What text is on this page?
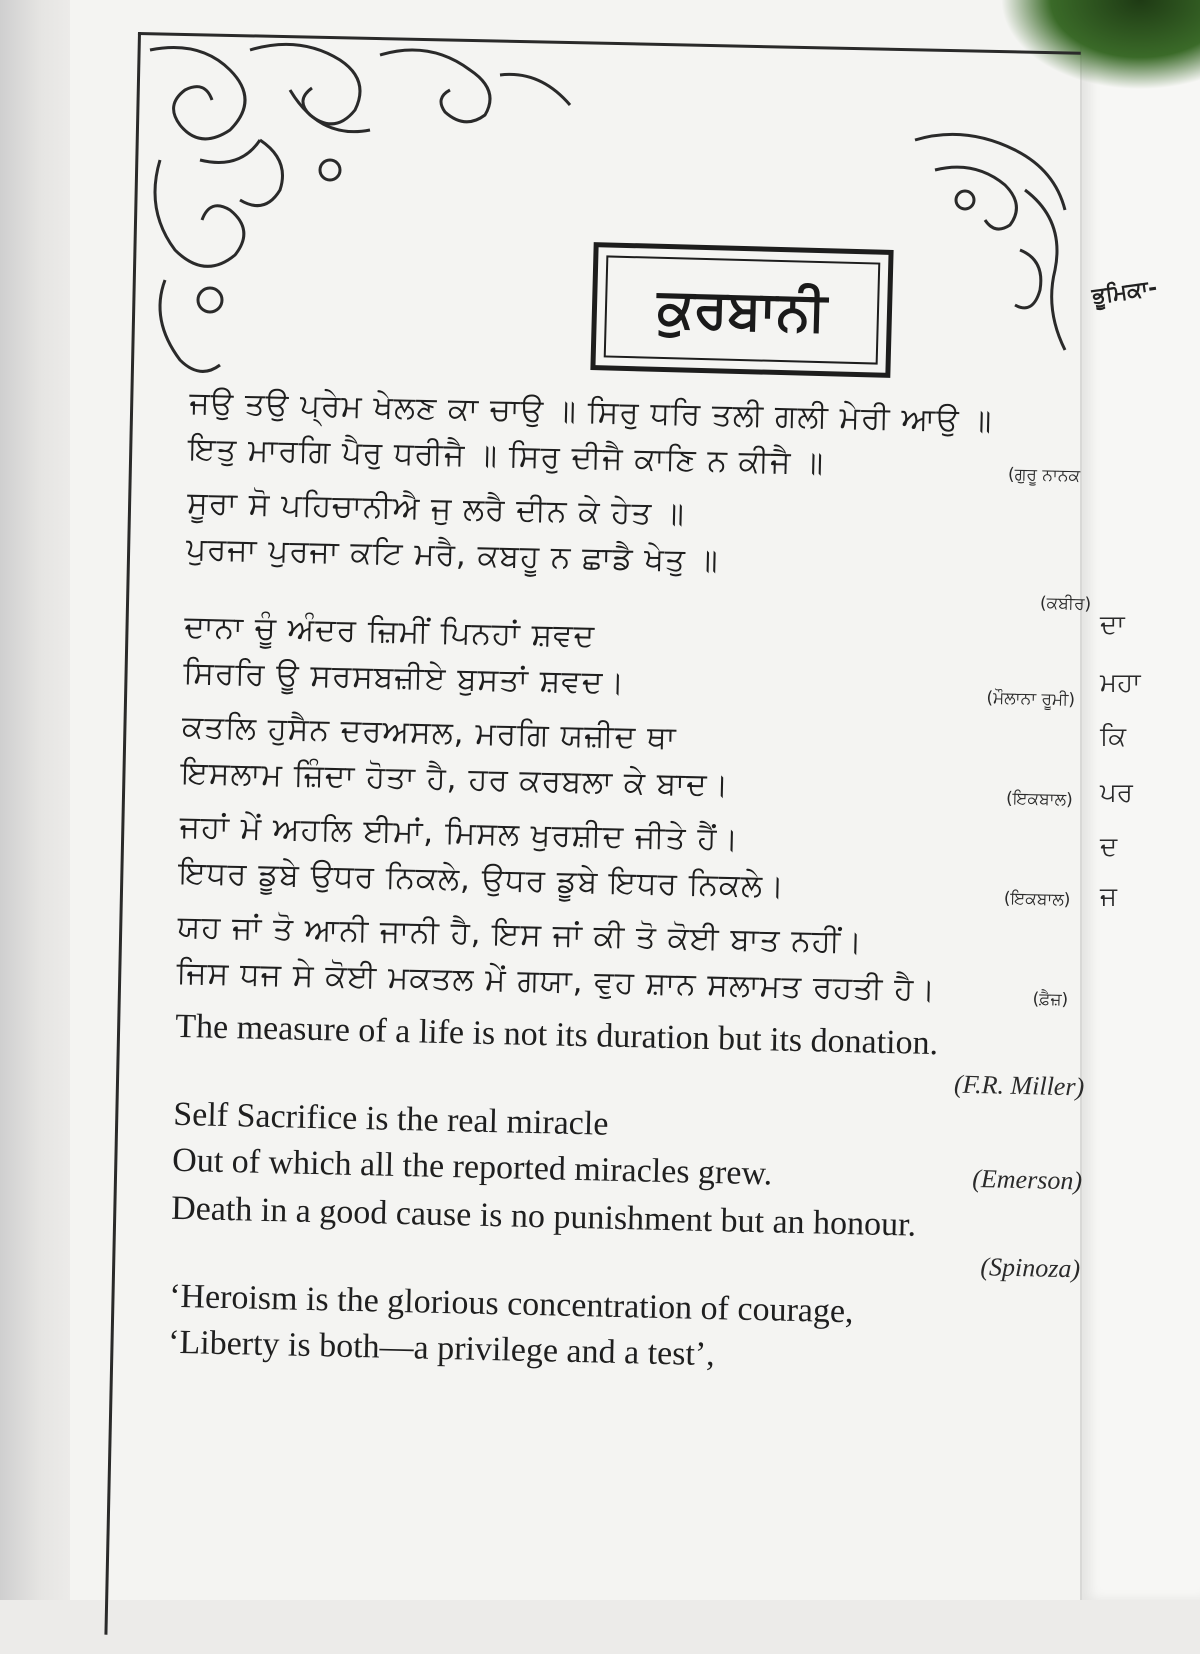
ਭੂਮਿਕਾ-
ਦਾ
ਮਹਾ
ਕਿ
ਪਰ
ਦ
ਜ
ਕੁਰਬਾਨੀ
ਜਉ ਤਉ ਪ੍ਰੇਮ ਖੇਲਣ ਕਾ ਚਾਉ ॥ ਸਿਰੁ ਧਰਿ ਤਲੀ ਗਲੀ ਮੇਰੀ ਆਉ ॥
ਇਤੁ ਮਾਰਗਿ ਪੈਰੁ ਧਰੀਜੈ ॥ ਸਿਰੁ ਦੀਜੈ ਕਾਣਿ ਨ ਕੀਜੈ ॥	(ਗੁਰੂ ਨਾਨਕ
ਸੂਰਾ ਸੋ ਪਹਿਚਾਨੀਐ ਜੁ ਲਰੈ ਦੀਨ ਕੇ ਹੇਤ ॥
ਪੁਰਜਾ ਪੁਰਜਾ ਕਟਿ ਮਰੈ, ਕਬਹੂ ਨ ਛਾਡੈ ਖੇਤੁ ॥
(ਕਬੀਰ)
ਦਾਨਾ ਚੂੰ ਅੰਦਰ ਜ਼ਿਮੀਂ ਪਿਨਹਾਂ ਸ਼ਵਦ
ਸਿਰਰਿ ਊ ਸਰਸਬਜ਼ੀਏ ਬੁਸਤਾਂ ਸ਼ਵਦ।	(ਮੌਲਾਨਾ ਰੂਮੀ)
ਕਤਲਿ ਹੁਸੈਨ ਦਰਅਸਲ, ਮਰਗਿ ਯਜ਼ੀਦ ਥਾ
ਇਸਲਾਮ ਜ਼ਿੰਦਾ ਹੋਤਾ ਹੈ, ਹਰ ਕਰਬਲਾ ਕੇ ਬਾਦ।	(ਇਕਬਾਲ)
ਜਹਾਂ ਮੇਂ ਅਹਲਿ ਈਮਾਂ, ਮਿਸਲ ਖੁਰਸ਼ੀਦ ਜੀਤੇ ਹੈਂ।
ਇਧਰ ਡੂਬੇ ਉਧਰ ਨਿਕਲੇ, ਉਧਰ ਡੂਬੇ ਇਧਰ ਨਿਕਲੇ।	(ਇਕਬਾਲ)
ਯਹ ਜਾਂ ਤੋ ਆਨੀ ਜਾਨੀ ਹੈ, ਇਸ ਜਾਂ ਕੀ ਤੋ ਕੋਈ ਬਾਤ ਨਹੀਂ।
ਜਿਸ ਧਜ ਸੇ ਕੋਈ ਮਕਤਲ ਮੇਂ ਗਯਾ, ਵੁਹ ਸ਼ਾਨ ਸਲਾਮਤ ਰਹਤੀ ਹੈ।	(ਫ਼ੈਜ਼)
The measure of a life is not its duration but its donation.
(F.R. Miller)
Self Sacrifice is the real miracle
Out of which all the reported miracles grew.	(Emerson)
Death in a good cause is no punishment but an honour.
(Spinoza)
‘Heroism is the glorious concentration of courage,
‘Liberty is both—a privilege and a test’,
